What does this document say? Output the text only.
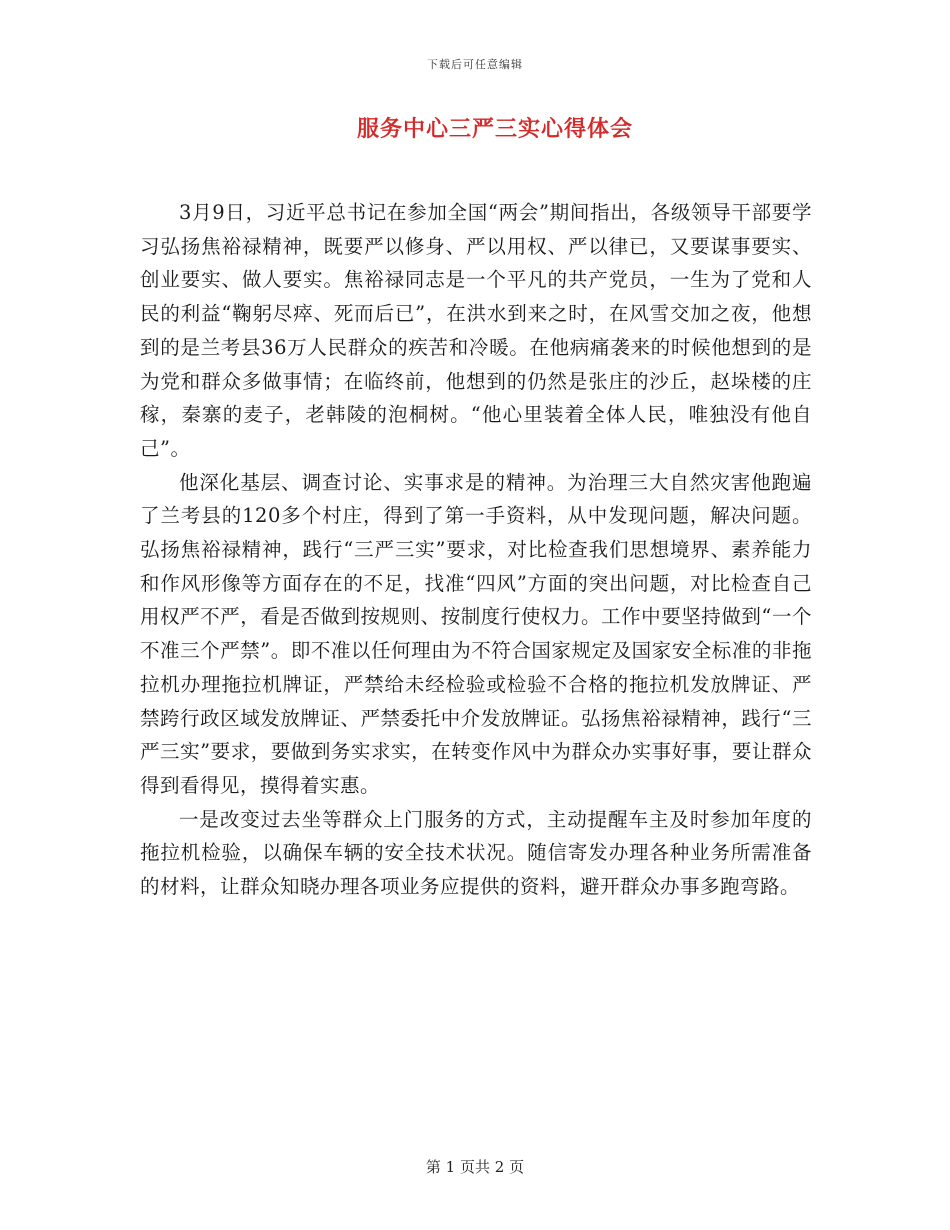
下载后可任意编辑
服务中心三严三实心得体会

3月9日，习近平总书记在参加全国“两会”期间指出，各级领导干部要学习弘扬焦裕禄精神，既要严以修身、严以用权、严以律已，又要谋事要实、创业要实、做人要实。焦裕禄同志是一个平凡的共产党员，一生为了党和人民的利益“鞠躬尽瘁、死而后已”，在洪水到来之时，在风雪交加之夜，他想到的是兰考县36万人民群众的疾苦和冷暖。在他病痛袭来的时候他想到的是为党和群众多做事情；在临终前，他想到的仍然是张庄的沙丘，赵垛楼的庄稼，秦寨的麦子，老韩陵的泡桐树。“他心里装着全体人民，唯独没有他自己”。

他深化基层、调查讨论、实事求是的精神。为治理三大自然灾害他跑遍了兰考县的120多个村庄，得到了第一手资料，从中发现问题，解决问题。弘扬焦裕禄精神，践行“三严三实”要求，对比检查我们思想境界、素养能力和作风形像等方面存在的不足，找准“四风”方面的突出问题，对比检查自己用权严不严，看是否做到按规则、按制度行使权力。工作中要坚持做到“一个不准三个严禁”。即不准以任何理由为不符合国家规定及国家安全标准的非拖拉机办理拖拉机牌证，严禁给未经检验或检验不合格的拖拉机发放牌证、严禁跨行政区域发放牌证、严禁委托中介发放牌证。弘扬焦裕禄精神，践行“三严三实”要求，要做到务实求实，在转变作风中为群众办实事好事，要让群众得到看得见，摸得着实惠。

一是改变过去坐等群众上门服务的方式，主动提醒车主及时参加年度的拖拉机检验，以确保车辆的安全技术状况。随信寄发办理各种业务所需准备的材料，让群众知晓办理各项业务应提供的资料，避开群众办事多跑弯路。

第 1 页共 2 页
